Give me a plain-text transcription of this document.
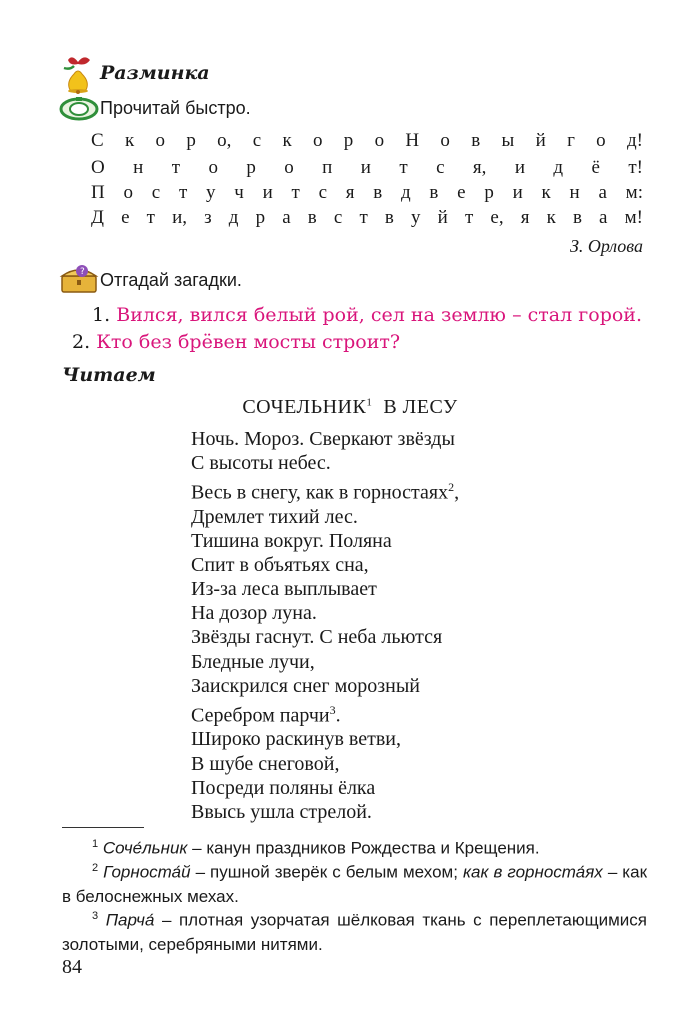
Разминка
Прочитай быстро.
С к о р о, с к о р о Н о в ы й г о д!
О н т о р о п и т с я, и д ё т!
П о с т у ч и т с я в д в е р и к н а м:
Д е т и, з д р а в с т в у й т е, я к в а м!
З. Орлова
? Отгадай загадки.
1. Вился, вился белый рой, сел на землю – стал горой. 2. Кто без брёвен мосты строит?
Читаем
СОЧЕЛЬНИК$^1$ В ЛЕСУ
Ночь. Мороз. Сверкают звёзды
С высоты небес.
Весь в снегу, как в горностаях$^2$,
Дремлет тихий лес.
Тишина вокруг. Поляна
Спит в объятьях сна,
Из-за леса выплывает
На дозор луна.
Звёзды гаснут. С неба льются
Бледные лучи,
Заискрился снег морозный
Серебром парчи$^3$.
Широко раскинув ветви,
В шубе снеговой,
Посреди поляны ёлка
Ввысь ушла стрелой.
$^1$ Соче́льник – канун праздников Рождества и Крещения.
$^2$ Горноста́й – пушной зверёк с белым мехом; как в горноста́ях – как в белоснежных мехах.
$^3$ Парча́ – плотная узорчатая шёлковая ткань с переплетающимися золотыми, серебряными нитями.
84
